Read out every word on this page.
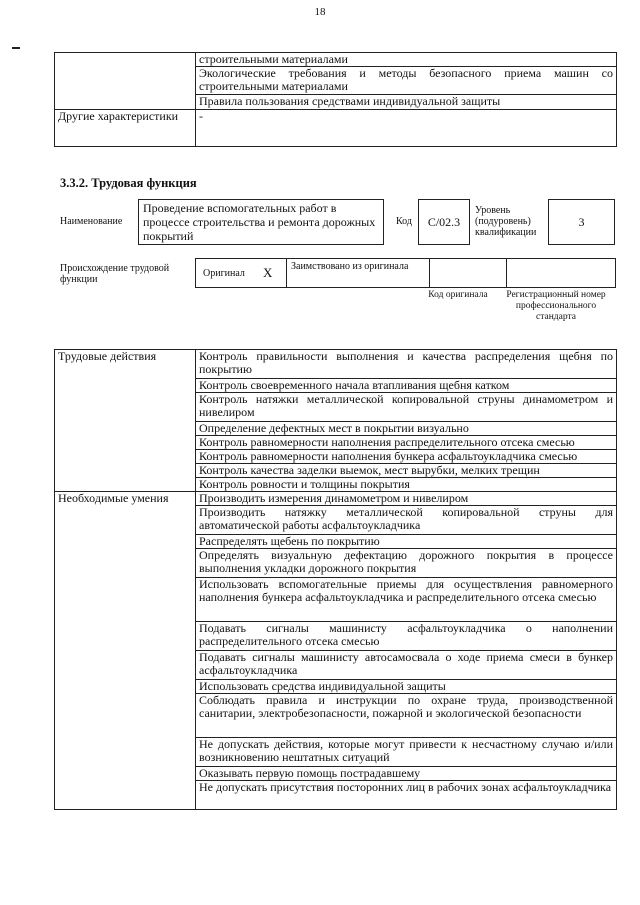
18
	строительными материалами
	Экологические требования и методы безопасного приема машин со строительными материалами
	Правила пользования средствами индивидуальной защиты
Другие характеристики	-
3.3.2. Трудовая функция
Наименование
Проведение вспомогательных работ в процессе строительства и ремонта дорожных покрытий
Код	С/02.3
Уровень (подуровень) квалификации
3
Происхождение трудовой функции
Оригинал Х	Заимствовано из оригинала
Код оригинала	Регистрационный номер профессионального стандарта
Трудовые действия	Контроль правильности выполнения и качества распределения щебня по покрытию
	Контроль своевременного начала втапливания щебня катком
	Контроль натяжки металлической копировальной струны динамометром и нивелиром
	Определение дефектных мест в покрытии визуально
	Контроль равномерности наполнения распределительного отсека смесью
	Контроль равномерности наполнения бункера асфальтоукладчика смесью
	Контроль качества заделки выемок, мест вырубки, мелких трещин
	Контроль ровности и толщины покрытия
Необходимые умения	Производить измерения динамометром и нивелиром
	Производить натяжку металлической копировальной струны для автоматической работы асфальтоукладчика
	Распределять щебень по покрытию
	Определять визуальную дефектацию дорожного покрытия в процессе выполнения укладки дорожного покрытия
	Использовать вспомогательные приемы для осуществления равномерного наполнения бункера асфальтоукладчика и распределительного отсека смесью
	Подавать сигналы машинисту асфальтоукладчика о наполнении распределительного отсека смесью
	Подавать сигналы машинисту автосамосвала о ходе приема смеси в бункер асфальтоукладчика
	Использовать средства индивидуальной защиты
	Соблюдать правила и инструкции по охране труда, производственной санитарии, электробезопасности, пожарной и экологической безопасности
	Не допускать действия, которые могут привести к несчастному случаю и/или возникновению нештатных ситуаций
	Оказывать первую помощь пострадавшему
	Не допускать присутствия посторонних лиц в рабочих зонах асфальтоукладчика
